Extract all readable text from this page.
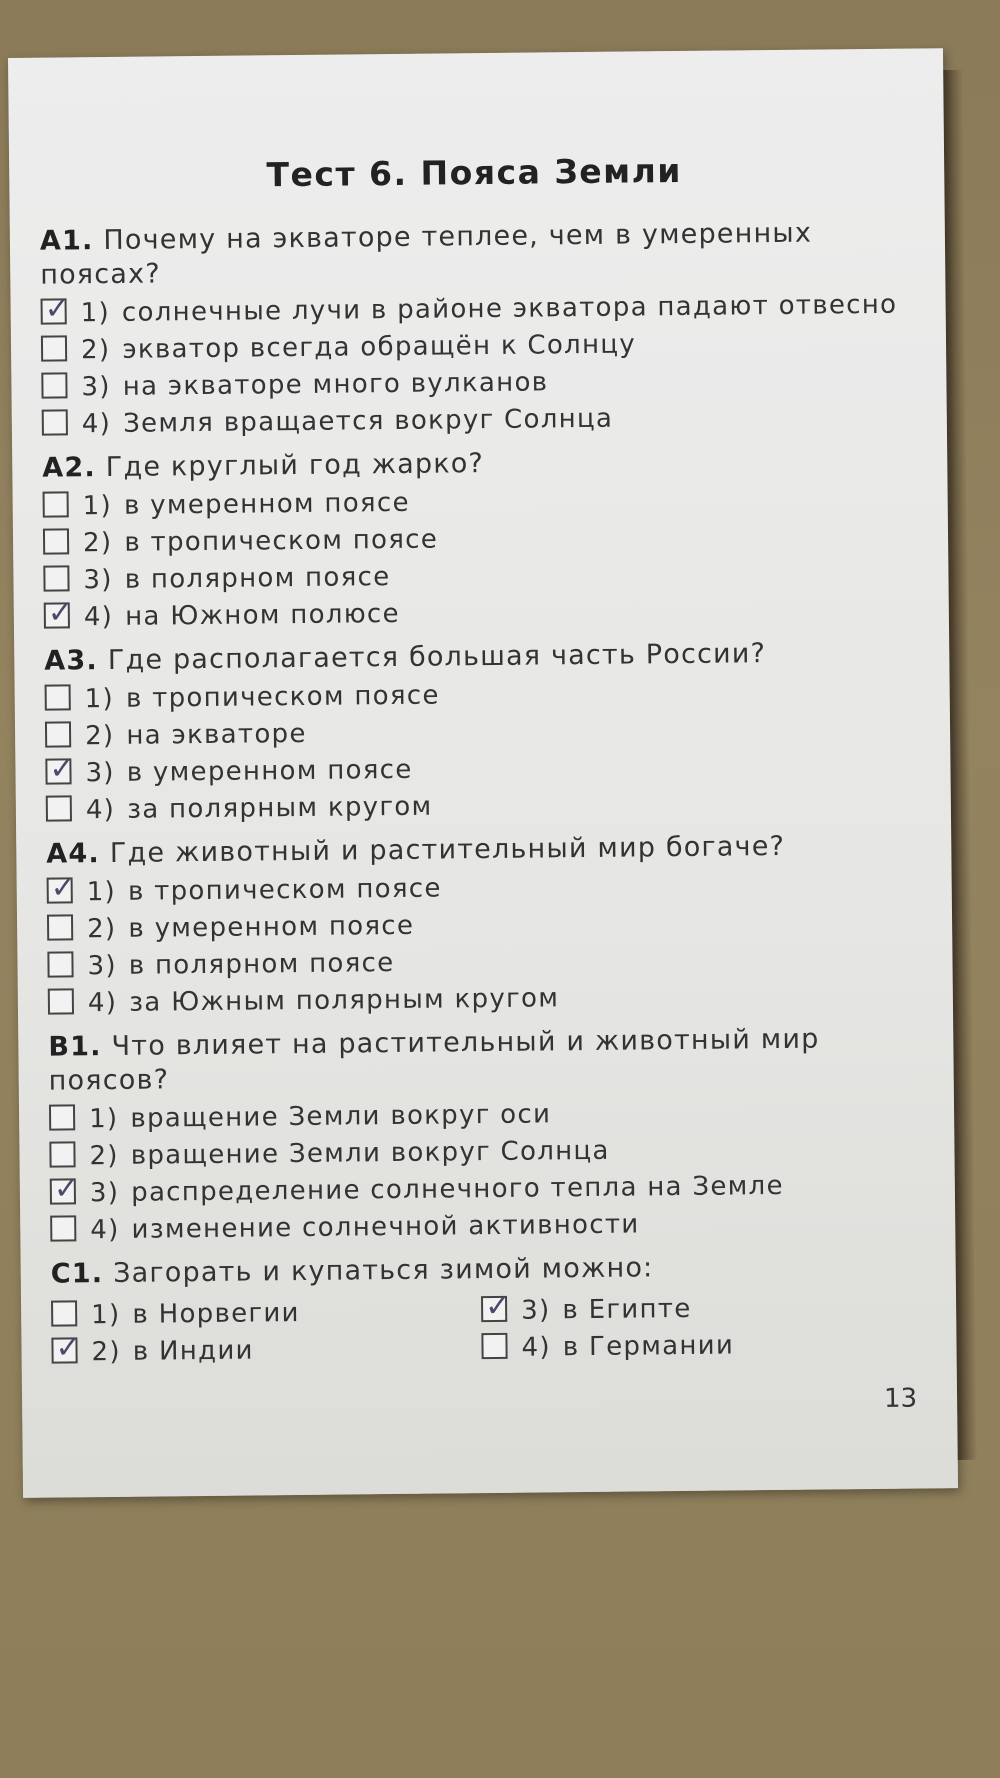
Тест 6. Пояса Земли
А1. Почему на экваторе теплее, чем в умеренных поясах?
✓ 1) солнечные лучи в районе экватора падают отвесно
2) экватор всегда обращён к Солнцу
3) на экваторе много вулканов
4) Земля вращается вокруг Солнца
А2. Где круглый год жарко?
1) в умеренном поясе
2) в тропическом поясе
3) в полярном поясе
✓ 4) на Южном полюсе
А3. Где располагается большая часть России?
1) в тропическом поясе
2) на экваторе
✓ 3) в умеренном поясе
4) за полярным кругом
А4. Где животный и растительный мир богаче?
✓ 1) в тропическом поясе
2) в умеренном поясе
3) в полярном поясе
4) за Южным полярным кругом
В1. Что влияет на растительный и животный мир поясов?
1) вращение Земли вокруг оси
2) вращение Земли вокруг Солнца
✓ 3) распределение солнечного тепла на Земле
4) изменение солнечной активности
С1. Загорать и купаться зимой можно:
1) в Норвегии
✓ 2) в Индии
✓ 3) в Египте
4) в Германии
13
